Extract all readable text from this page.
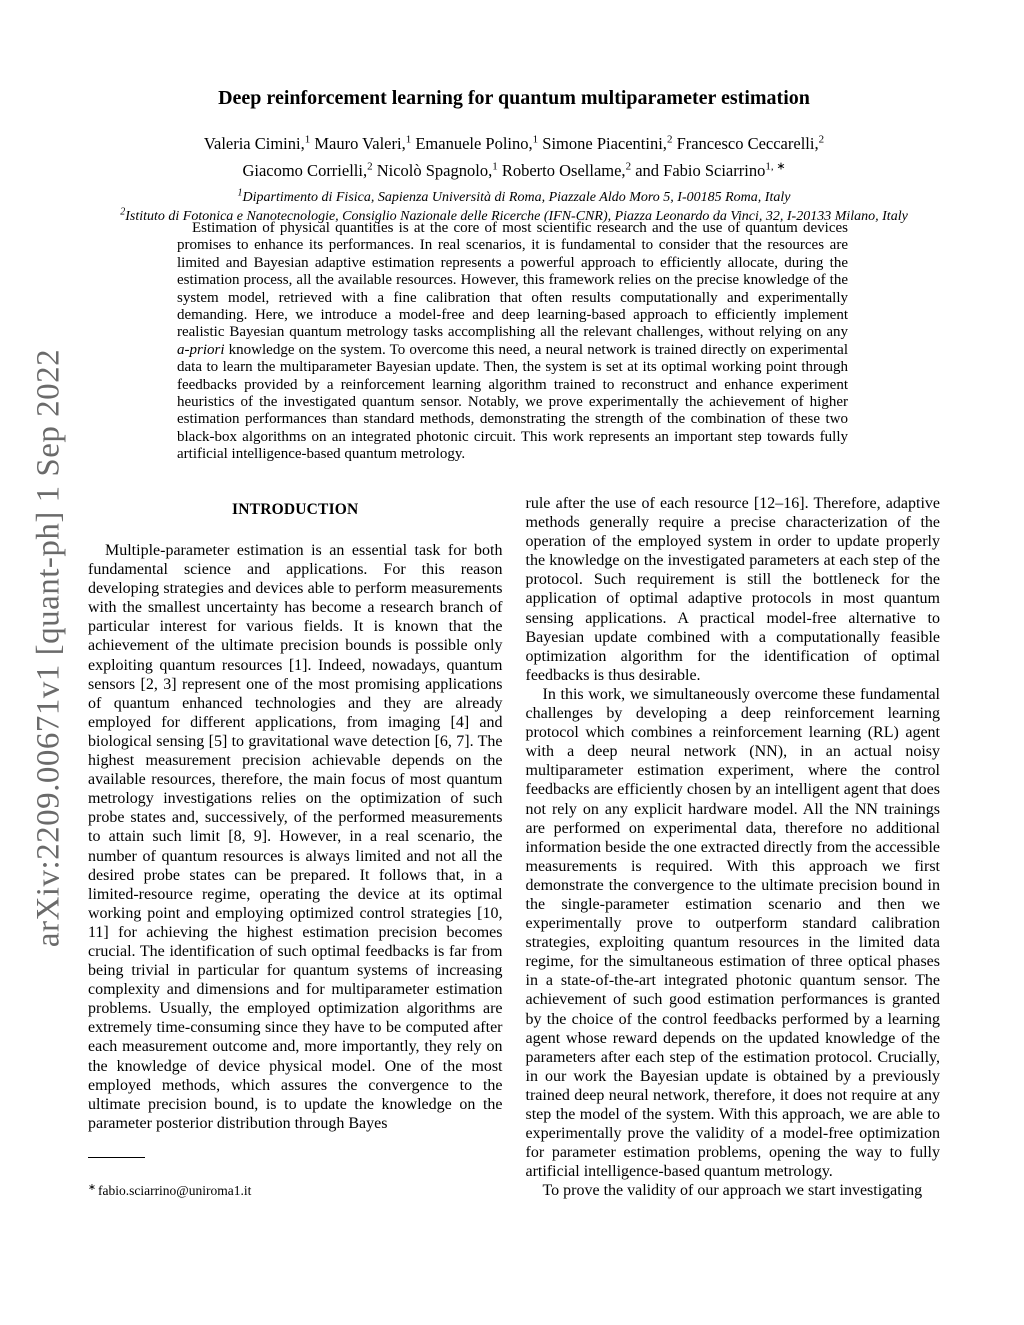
arXiv:2209.00671v1 [quant-ph] 1 Sep 2022
Deep reinforcement learning for quantum multiparameter estimation
Valeria Cimini,$^1$ Mauro Valeri,$^1$ Emanuele Polino,$^1$ Simone Piacentini,$^2$ Francesco Ceccarelli,$^2$
Giacomo Corrielli,$^2$ Nicolò Spagnolo,$^1$ Roberto Osellame,$^2$ and Fabio Sciarrino$^{1, ∗}$
$^1$Dipartimento di Fisica, Sapienza Università di Roma, Piazzale Aldo Moro 5, I-00185 Roma, Italy
$^2$Istituto di Fotonica e Nanotecnologie, Consiglio Nazionale delle Ricerche (IFN-CNR), Piazza Leonardo da Vinci, 32, I-20133 Milano, Italy
Estimation of physical quantities is at the core of most scientific research and the use of quantum devices promises to enhance its performances. In real scenarios, it is fundamental to consider that the resources are limited and Bayesian adaptive estimation represents a powerful approach to efficiently allocate, during the estimation process, all the available resources. However, this framework relies on the precise knowledge of the system model, retrieved with a fine calibration that often results computationally and experimentally demanding. Here, we introduce a model-free and deep learning-based approach to efficiently implement realistic Bayesian quantum metrology tasks accomplishing all the relevant challenges, without relying on any a-priori knowledge on the system. To overcome this need, a neural network is trained directly on experimental data to learn the multiparameter Bayesian update. Then, the system is set at its optimal working point through feedbacks provided by a reinforcement learning algorithm trained to reconstruct and enhance experiment heuristics of the investigated quantum sensor. Notably, we prove experimentally the achievement of higher estimation performances than standard methods, demonstrating the strength of the combination of these two black-box algorithms on an integrated photonic circuit. This work represents an important step towards fully artificial intelligence-based quantum metrology.
INTRODUCTION

Multiple-parameter estimation is an essential task for both fundamental science and applications. For this reason developing strategies and devices able to perform measurements with the smallest uncertainty has become a research branch of particular interest for various fields. It is known that the achievement of the ultimate precision bounds is possible only exploiting quantum resources [1]. Indeed, nowadays, quantum sensors [2, 3] represent one of the most promising applications of quantum enhanced technologies and they are already employed for different applications, from imaging [4] and biological sensing [5] to gravitational wave detection [6, 7]. The highest measurement precision achievable depends on the available resources, therefore, the main focus of most quantum metrology investigations relies on the optimization of such probe states and, successively, of the performed measurements to attain such limit [8, 9]. However, in a real scenario, the number of quantum resources is always limited and not all the desired probe states can be prepared. It follows that, in a limited-resource regime, operating the device at its optimal working point and employing optimized control strategies [10, 11] for achieving the highest estimation precision becomes crucial. The identification of such optimal feedbacks is far from being trivial in particular for quantum systems of increasing complexity and dimensions and for multiparameter estimation problems. Usually, the employed optimization algorithms are extremely time-consuming since they have to be computed after each measurement outcome and, more importantly, they rely on the knowledge of device physical model. One of the most employed methods, which assures the convergence to the ultimate precision bound, is to update the knowledge on the parameter posterior distribution through Bayes

rule after the use of each resource [12–16]. Therefore, adaptive methods generally require a precise characterization of the operation of the employed system in order to update properly the knowledge on the investigated parameters at each step of the protocol. Such requirement is still the bottleneck for the application of optimal adaptive protocols in most quantum sensing applications. A practical model-free alternative to Bayesian update combined with a computationally feasible optimization algorithm for the identification of optimal feedbacks is thus desirable.

In this work, we simultaneously overcome these fundamental challenges by developing a deep reinforcement learning protocol which combines a reinforcement learning (RL) agent with a deep neural network (NN), in an actual noisy multiparameter estimation experiment, where the control feedbacks are efficiently chosen by an intelligent agent that does not rely on any explicit hardware model. All the NN trainings are performed on experimental data, therefore no additional information beside the one extracted directly from the accessible measurements is required. With this approach we first demonstrate the convergence to the ultimate precision bound in the single-parameter estimation scenario and then we experimentally prove to outperform standard calibration strategies, exploiting quantum resources in the limited data regime, for the simultaneous estimation of three optical phases in a state-of-the-art integrated photonic quantum sensor. The achievement of such good estimation performances is granted by the choice of the control feedbacks performed by a learning agent whose reward depends on the updated knowledge of the parameters after each step of the estimation protocol. Crucially, in our work the Bayesian update is obtained by a previously trained deep neural network, therefore, it does not require at any step the model of the system. With this approach, we are able to experimentally prove the validity of a model-free optimization for parameter estimation problems, opening the way to fully artificial intelligence-based quantum metrology.

To prove the validity of our approach we start investigating

∗ fabio.sciarrino@uniroma1.it
